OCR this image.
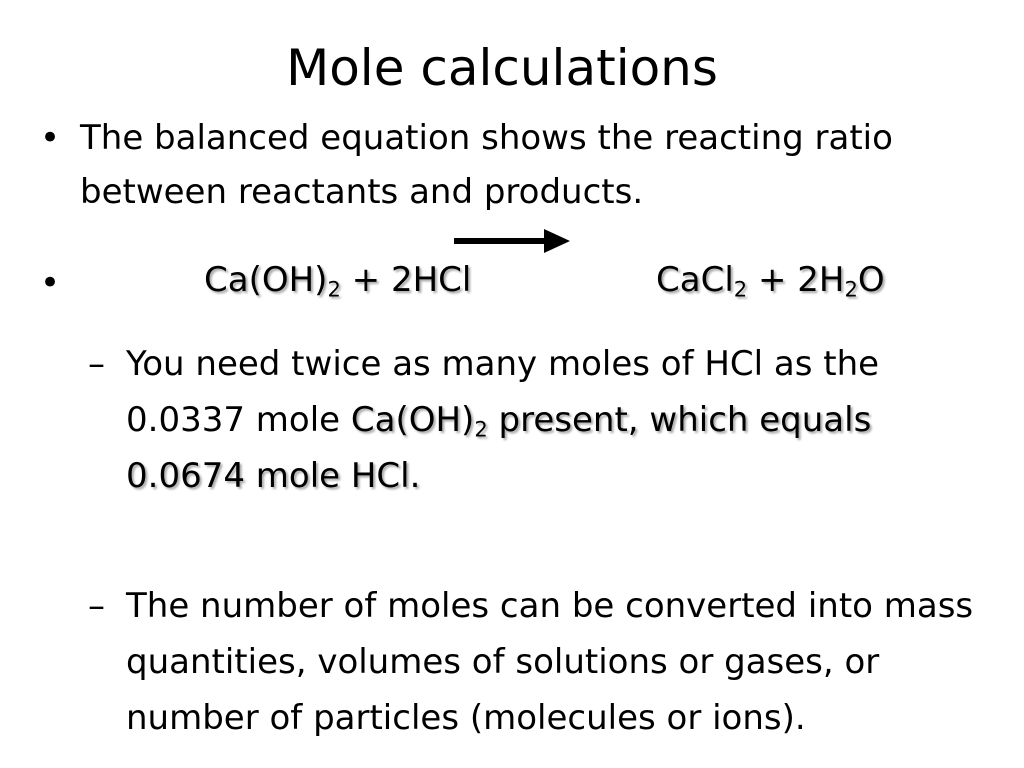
Mole calculations
• The balanced equation shows the reacting ratio between reactants and products.
•	$Ca(OH)_2 + 2HCl$	CaCl$_2$ + $2H_2O$
– You need twice as many moles of HCl as the 0.0337 mole $Ca(OH)_2$ present, which equals 0.0674 mole HCl.
– The number of moles can be converted into mass quantities, volumes of solutions or gases, or number of particles (molecules or ions).
